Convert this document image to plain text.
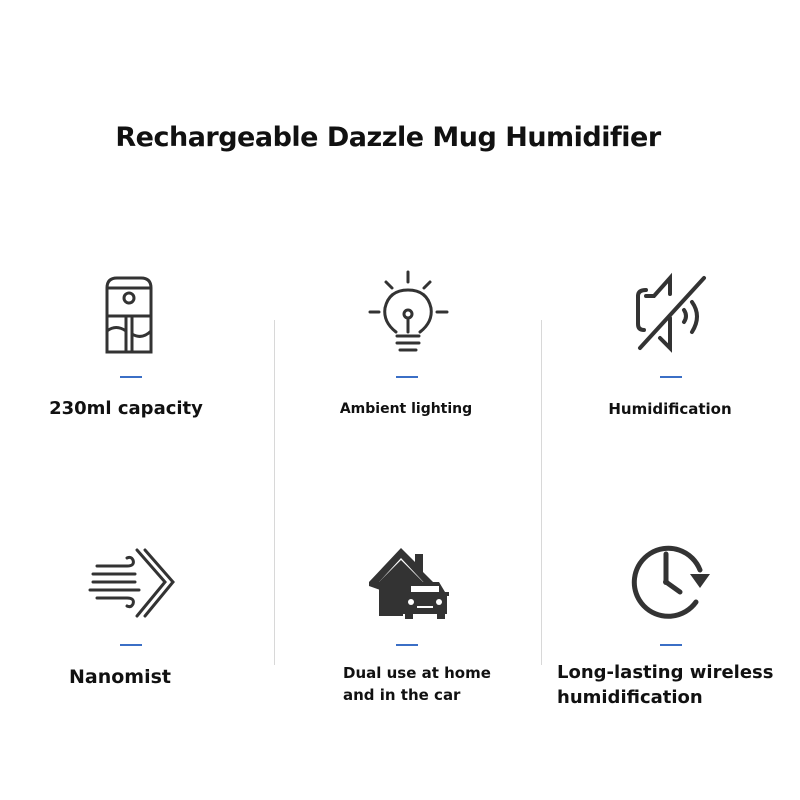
Rechargeable Dazzle Mug Humidifier
230ml capacity	Ambient lighting	Humidification
Nanomist	Dual use at home
and in the car
Long-lasting wireless
humidification
